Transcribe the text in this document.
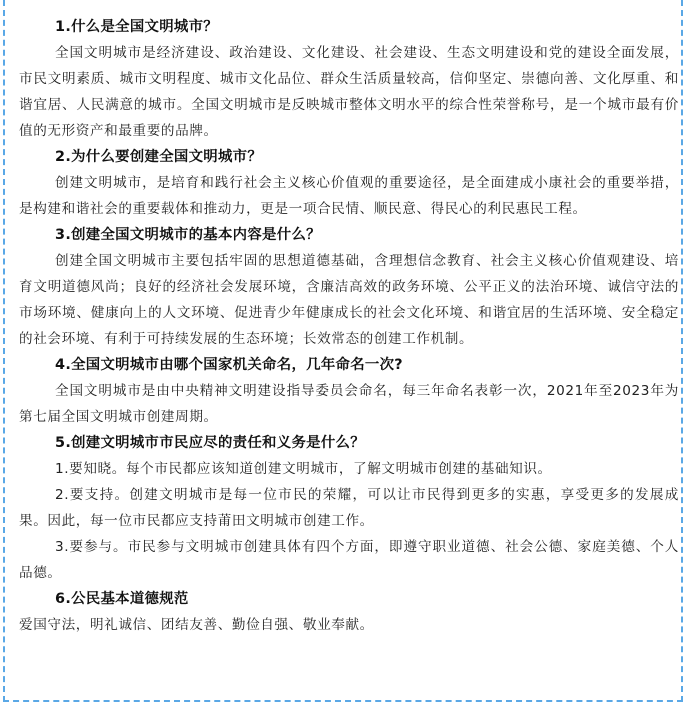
1.什么是全国文明城市？

全国文明城市是经济建设、政治建设、文化建设、社会建设、生态文明建设和党的建设全面发展，市民文明素质、城市文明程度、城市文化品位、群众生活质量较高，信仰坚定、崇德向善、文化厚重、和谐宜居、人民满意的城市。全国文明城市是反映城市整体文明水平的综合性荣誉称号，是一个城市最有价值的无形资产和最重要的品牌。

2.为什么要创建全国文明城市？

创建文明城市，是培育和践行社会主义核心价值观的重要途径，是全面建成小康社会的重要举措，是构建和谐社会的重要载体和推动力，更是一项合民情、顺民意、得民心的利民惠民工程。

3.创建全国文明城市的基本内容是什么？

创建全国文明城市主要包括牢固的思想道德基础，含理想信念教育、社会主义核心价值观建设、培育文明道德风尚；良好的经济社会发展环境，含廉洁高效的政务环境、公平正义的法治环境、诚信守法的市场环境、健康向上的人文环境、促进青少年健康成长的社会文化环境、和谐宜居的生活环境、安全稳定的社会环境、有利于可持续发展的生态环境；长效常态的创建工作机制。

4.全国文明城市由哪个国家机关命名，几年命名一次?

全国文明城市是由中央精神文明建设指导委员会命名，每三年命名表彰一次，2021年至2023年为第七届全国文明城市创建周期。

5.创建文明城市市民应尽的责任和义务是什么？

1.要知晓。每个市民都应该知道创建文明城市，了解文明城市创建的基础知识。

2.要支持。创建文明城市是每一位市民的荣耀，可以让市民得到更多的实惠，享受更多的发展成果。因此，每一位市民都应支持莆田文明城市创建工作。

3.要参与。市民参与文明城市创建具体有四个方面，即遵守职业道德、社会公德、家庭美德、个人品德。

6.公民基本道德规范

爱国守法，明礼诚信、团结友善、勤俭自强、敬业奉献。
